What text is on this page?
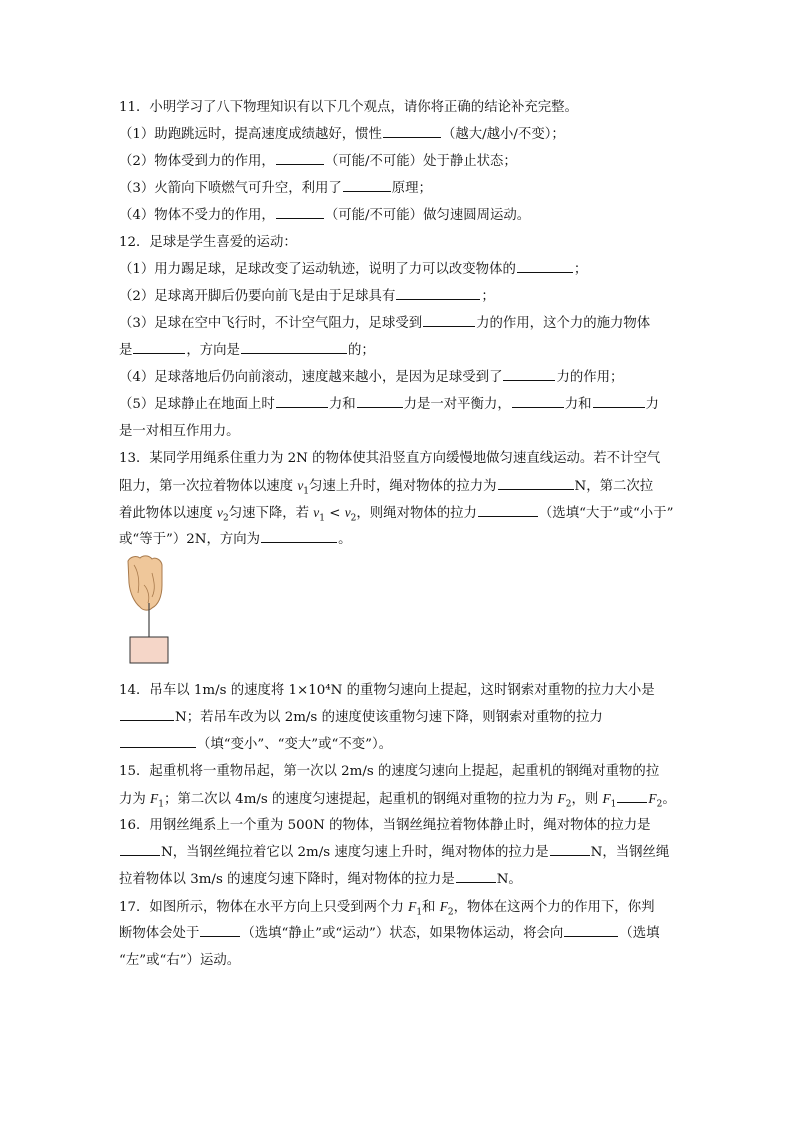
11．小明学习了八下物理知识有以下几个观点，请你将正确的结论补充完整。
（1）助跑跳远时，提高速度成绩越好，惯性	（越大/越小/不变）；
（2）物体受到力的作用，	（可能/不可能）处于静止状态；
（3）火箭向下喷燃气可升空，利用了	原理；
（4）物体不受力的作用，	（可能/不可能）做匀速圆周运动。
12．足球是学生喜爱的运动：
（1）用力踢足球，足球改变了运动轨迹，说明了力可以改变物体的	；
（2）足球离开脚后仍要向前飞是由于足球具有	；
（3）足球在空中飞行时，不计空气阻力，足球受到	力的作用，这个力的施力物体
是	，方向是	的；
（4）足球落地后仍向前滚动，速度越来越小，是因为足球受到了	力的作用；
（5）足球静止在地面上时	力和	力是一对平衡力，	力和	力
是一对相互作用力。
13．某同学用绳系住重力为 2N 的物体使其沿竖直方向缓慢地做匀速直线运动。若不计空气
阻力，第一次拉着物体以速度 $v_1$匀速上升时，绳对物体的拉力为	N，第二次拉
着此物体以速度 $v_2$匀速下降，若 $v_1 < v_2$，则绳对物体的拉力	（选填“大于”或“小于”
或“等于”）2N，方向为	。
14．吊车以 1m/s 的速度将 1×10⁴N 的重物匀速向上提起，这时钢索对重物的拉力大小是
N；若吊车改为以 2m/s 的速度使该重物匀速下降，则钢索对重物的拉力
（填“变小”、“变大”或“不变”）。
15．起重机将一重物吊起，第一次以 2m/s 的速度匀速向上提起，起重机的钢绳对重物的拉
力为 $F_1$；第二次以 4m/s 的速度匀速提起，起重机的钢绳对重物的拉力为 $F_2$，则 $F_1$ $F_2$。
16．用钢丝绳系上一个重为 500N 的物体，当钢丝绳拉着物体静止时，绳对物体的拉力是
N，当钢丝绳拉着它以 2m/s 速度匀速上升时，绳对物体的拉力是	N，当钢丝绳
拉着物体以 3m/s 的速度匀速下降时，绳对物体的拉力是	N。
17．如图所示，物体在水平方向上只受到两个力 $F_1$和 $F_2$，物体在这两个力的作用下，你判
断物体会处于	（选填“静止”或“运动”）状态，如果物体运动，将会向	（选填
“左”或“右”）运动。
